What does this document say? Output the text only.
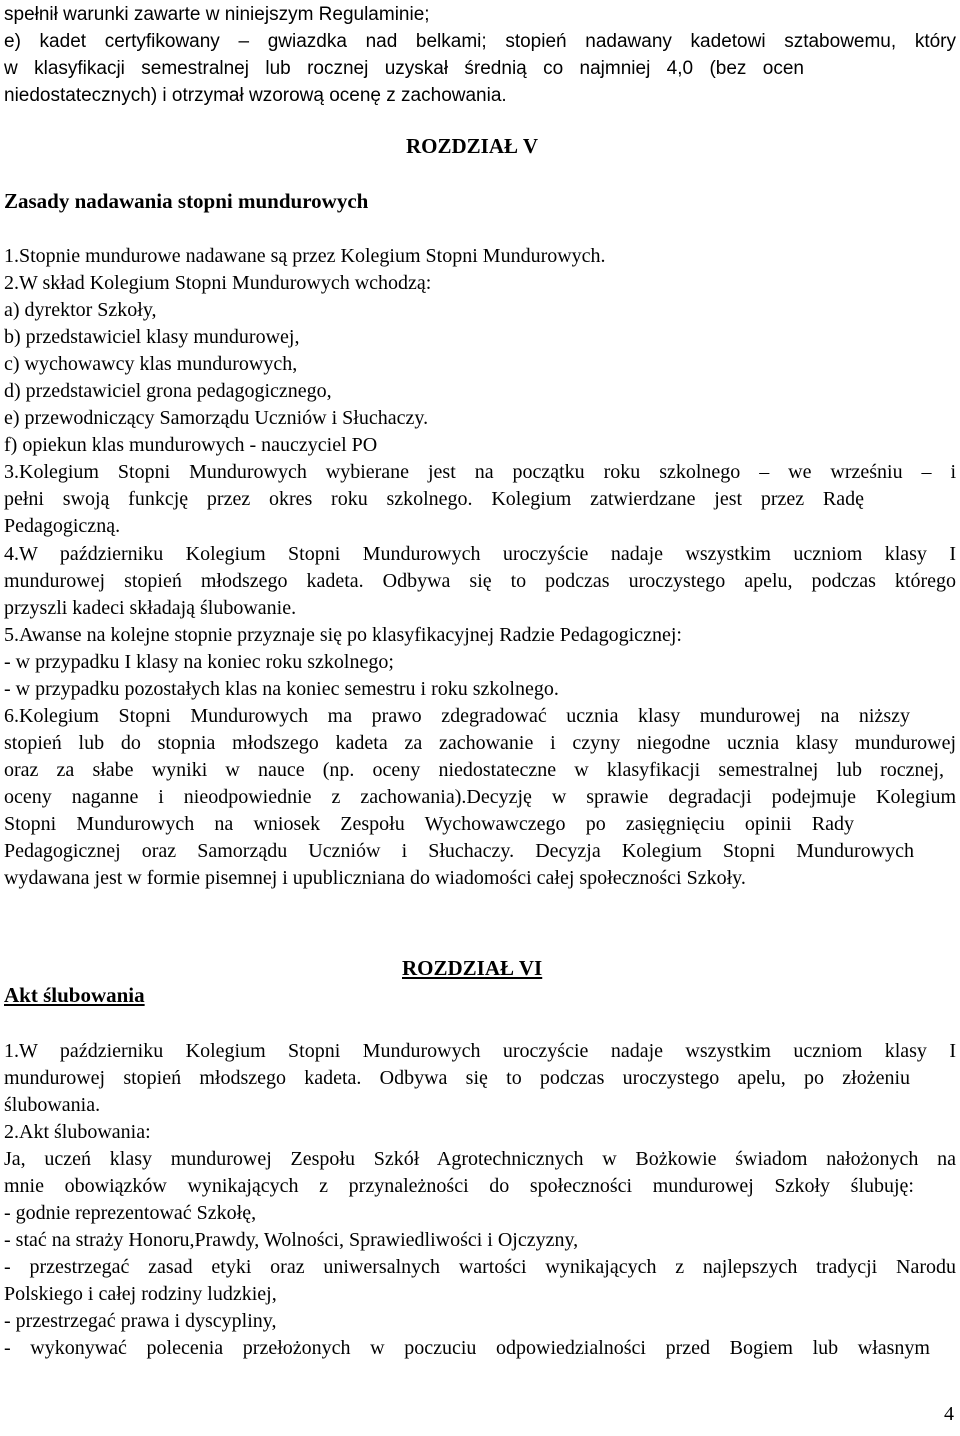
spełnił warunki zawarte w niniejszym Regulaminie;
e) kadet certyfikowany – gwiazdka nad belkami; stopień nadawany kadetowi sztabowemu, który
w klasyfikacji semestralnej lub rocznej uzyskał średnią co najmniej 4,0 (bez ocen
niedostatecznych) i otrzymał wzorową ocenę z zachowania.
ROZDZIAŁ V
Zasady nadawania stopni mundurowych
1.Stopnie mundurowe nadawane są przez Kolegium Stopni Mundurowych.
2.W skład Kolegium Stopni Mundurowych wchodzą:
a) dyrektor Szkoły,
b) przedstawiciel klasy mundurowej,
c) wychowawcy klas mundurowych,
d) przedstawiciel grona pedagogicznego,
e) przewodniczący Samorządu Uczniów i Słuchaczy.
f) opiekun klas mundurowych - nauczyciel PO
3.Kolegium Stopni Mundurowych wybierane jest na początku roku szkolnego – we wrześniu – i
pełni swoją funkcję przez okres roku szkolnego. Kolegium zatwierdzane jest przez Radę
Pedagogiczną.
4.W październiku Kolegium Stopni Mundurowych uroczyście nadaje wszystkim uczniom klasy I
mundurowej stopień młodszego kadeta. Odbywa się to podczas uroczystego apelu, podczas którego
przyszli kadeci składają ślubowanie.
5.Awanse na kolejne stopnie przyznaje się po klasyfikacyjnej Radzie Pedagogicznej:
- w przypadku I klasy na koniec roku szkolnego;
- w przypadku pozostałych klas na koniec semestru i roku szkolnego.
6.Kolegium Stopni Mundurowych ma prawo zdegradować ucznia klasy mundurowej na niższy
stopień lub do stopnia młodszego kadeta za zachowanie i czyny niegodne ucznia klasy mundurowej
oraz za słabe wyniki w nauce (np. oceny niedostateczne w klasyfikacji semestralnej lub rocznej,
oceny naganne i nieodpowiednie z zachowania).Decyzję w sprawie degradacji podejmuje Kolegium
Stopni Mundurowych na wniosek Zespołu Wychowawczego po zasięgnięciu opinii Rady
Pedagogicznej oraz Samorządu Uczniów i Słuchaczy. Decyzja Kolegium Stopni Mundurowych
wydawana jest w formie pisemnej i upubliczniana do wiadomości całej społeczności Szkoły.
ROZDZIAŁ VI
Akt ślubowania
1.W październiku Kolegium Stopni Mundurowych uroczyście nadaje wszystkim uczniom klasy I
mundurowej stopień młodszego kadeta. Odbywa się to podczas uroczystego apelu, po złożeniu
ślubowania.
2.Akt ślubowania:
Ja, uczeń klasy mundurowej Zespołu Szkół Agrotechnicznych w Bożkowie świadom nałożonych na
mnie obowiązków wynikających z przynależności do społeczności mundurowej Szkoły ślubuję:
- godnie reprezentować Szkołę,
- stać na straży Honoru,Prawdy, Wolności, Sprawiedliwości i Ojczyzny,
- przestrzegać zasad etyki oraz uniwersalnych wartości wynikających z najlepszych tradycji Narodu
Polskiego i całej rodziny ludzkiej,
- przestrzegać prawa i dyscypliny,
- wykonywać polecenia przełożonych w poczuciu odpowiedzialności przed Bogiem lub własnym
4
